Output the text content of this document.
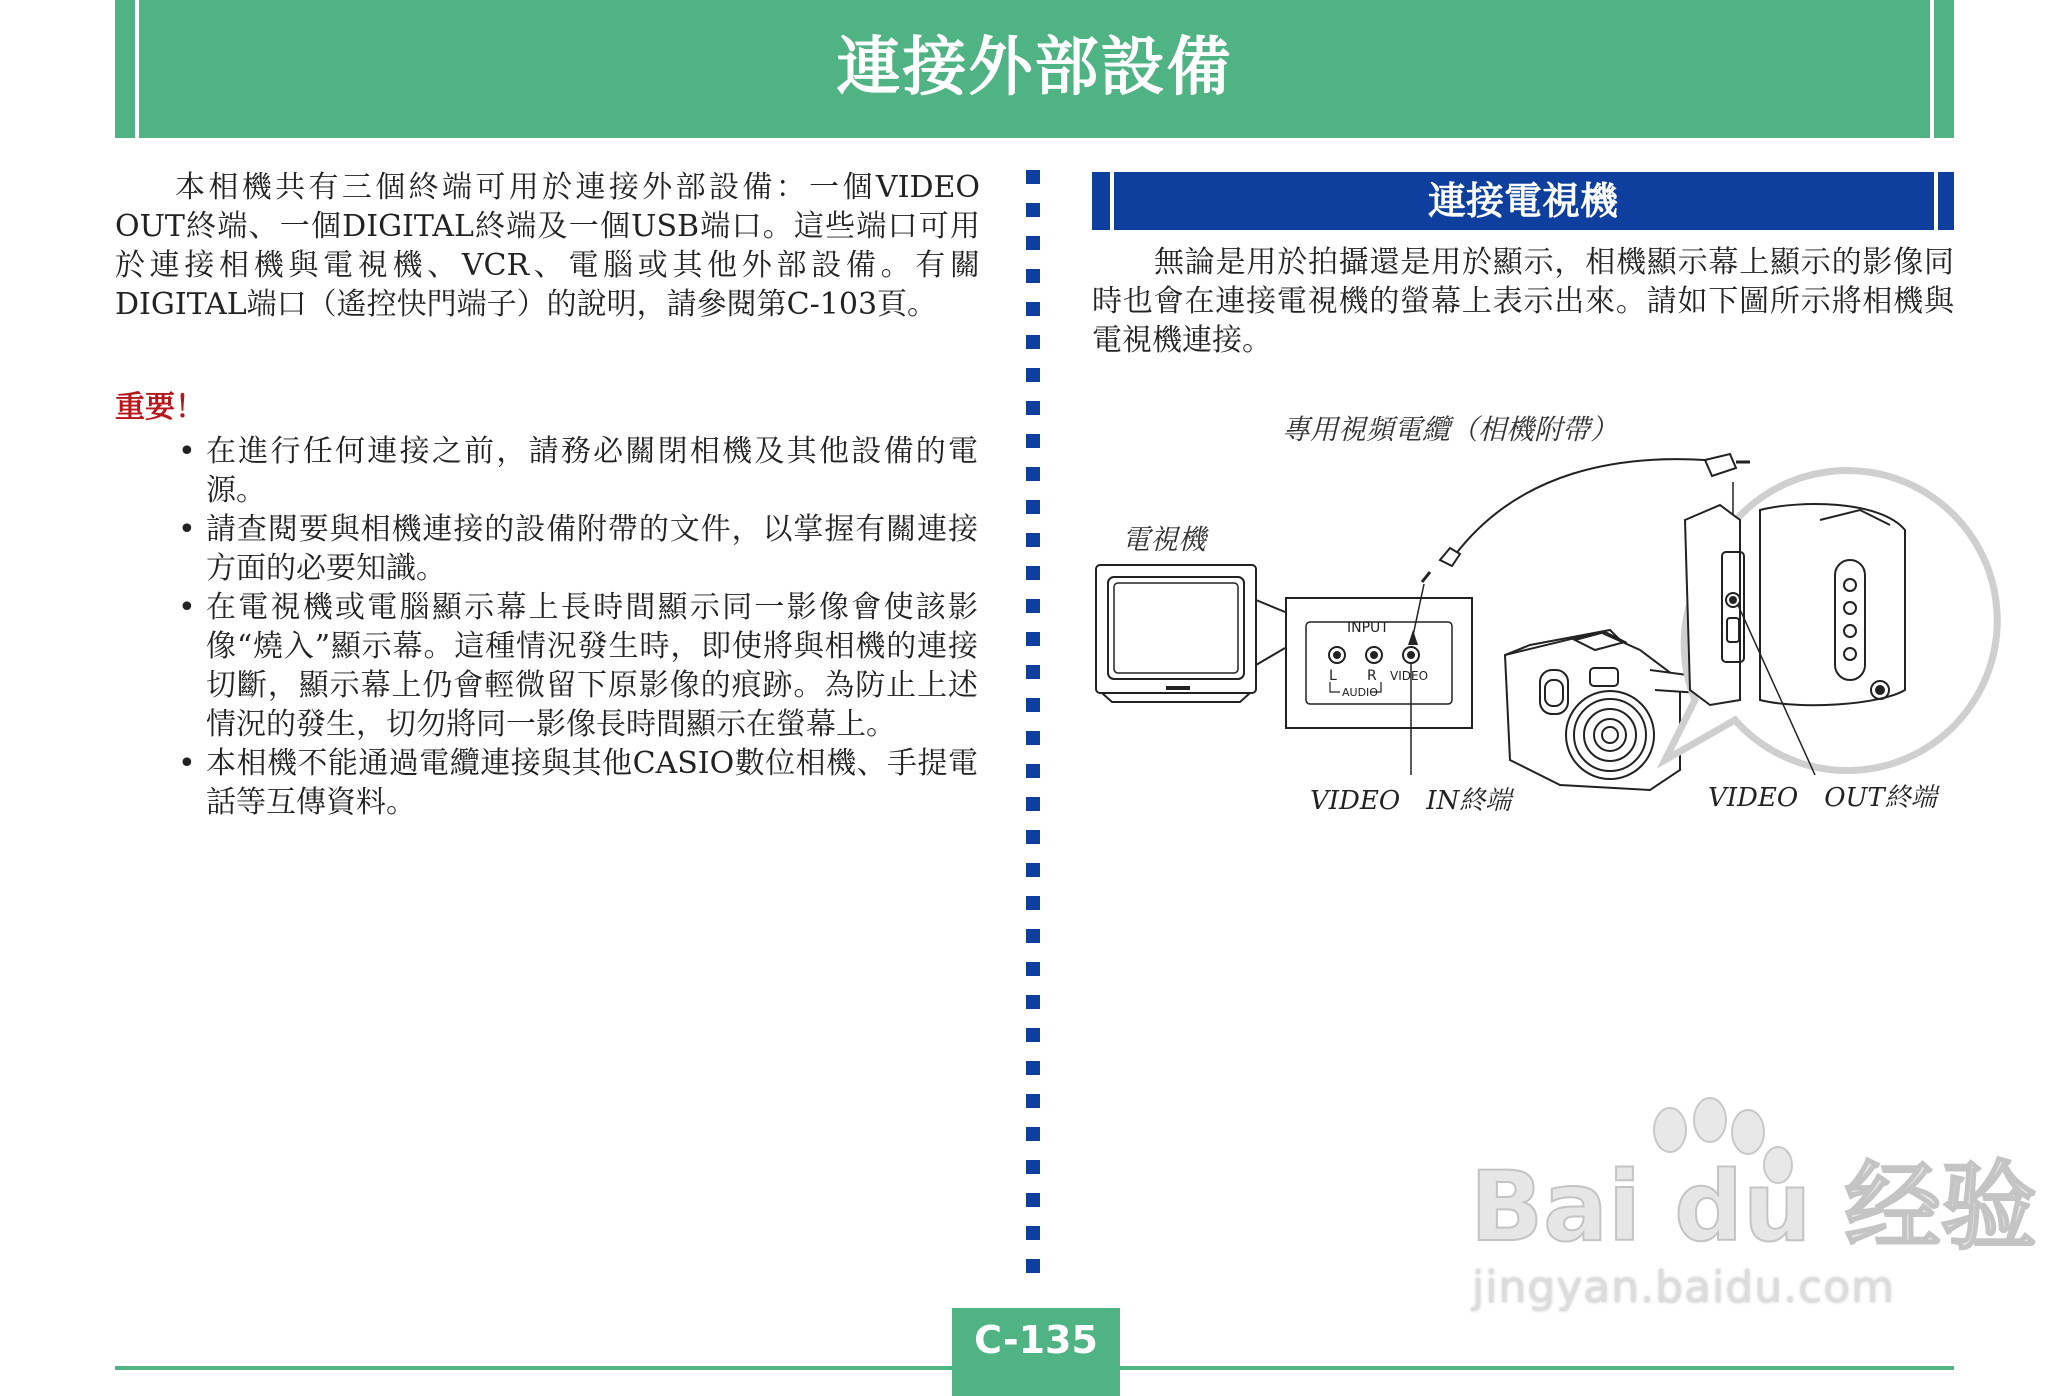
連接外部設備

本相機共有三個終端可用於連接外部設備：一個VIDEO OUT終端、一個DIGITAL終端及一個USB端口。這些端口可用於連接相機與電視機、VCR、電腦或其他外部設備。有關DIGITAL端口（遙控快門端子）的說明，請參閱第C-103頁。

重要！
• 在進行任何連接之前，請務必關閉相機及其他設備的電源。
• 請查閱要與相機連接的設備附帶的文件，以掌握有關連接方面的必要知識。
• 在電視機或電腦顯示幕上長時間顯示同一影像會使該影像“燒入”顯示幕。這種情況發生時，即使將與相機的連接切斷，顯示幕上仍會輕微留下原影像的痕跡。為防止上述情況的發生，切勿將同一影像長時間顯示在螢幕上。
• 本相機不能通過電纜連接與其他CASIO數位相機、手提電話等互傳資料。
連接電視機

無論是用於拍攝還是用於顯示，相機顯示幕上顯示的影像同時也會在連接電視機的螢幕上表示出來。請如下圖所示將相機與電視機連接。

專用視頻電纜（相機附帶）
電視機
VIDEO　IN終端	VIDEO　OUT終端
INPUT
L R VIDEO
AUDIO
Bai du 经验
jingyan.baidu.com
C-135
